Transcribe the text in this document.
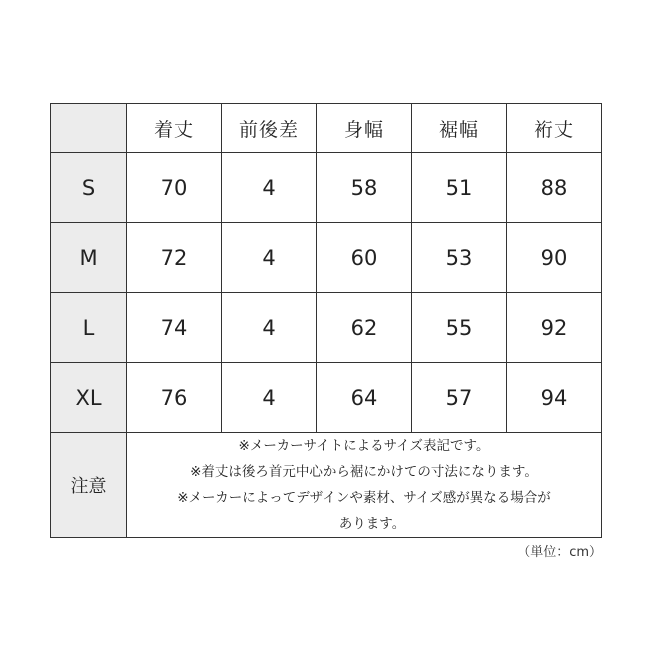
	着丈	前後差	身幅	裾幅	裄丈
S	70	4	58	51	88
M	72	4	60	53	90
L	74	4	62	55	92
XL	76	4	64	57	94
注意	※メーカーサイトによるサイズ表記です。
※着丈は後ろ首元中心から裾にかけての寸法になります。
※メーカーによってデザインや素材、サイズ感が異なる場合が
あります。				
（単位：cm）
